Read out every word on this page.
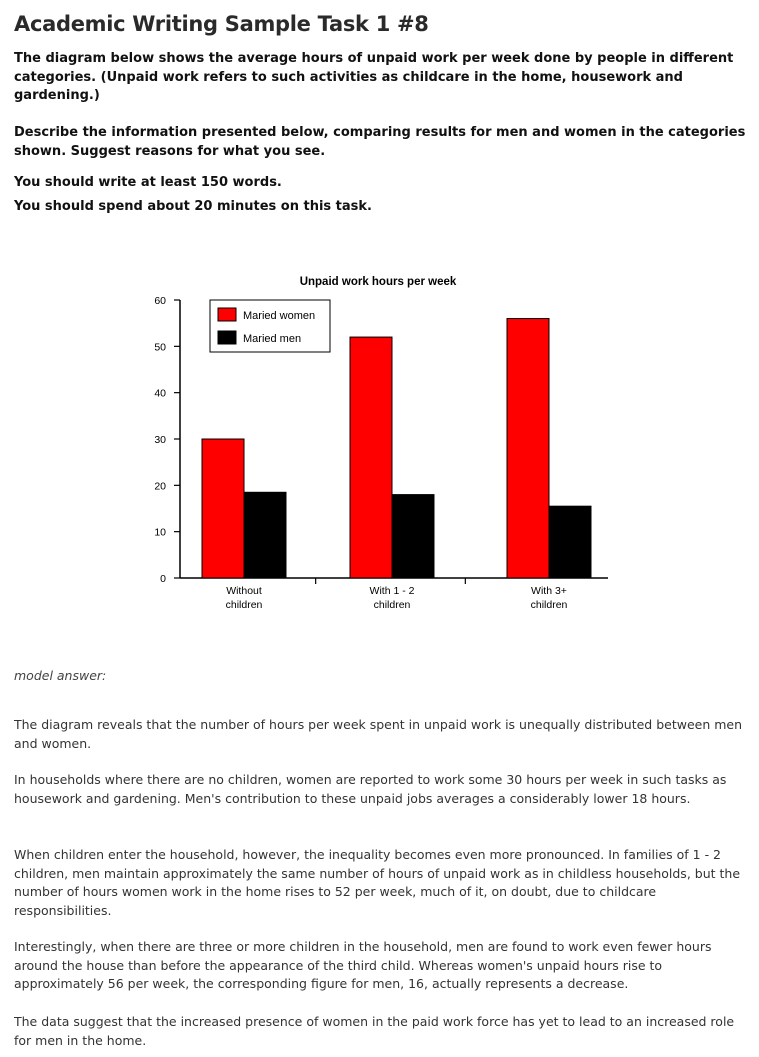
Academic Writing Sample Task 1 #8

The diagram below shows the average hours of unpaid work per week done by people in different categories. (Unpaid work refers to such activities as childcare in the home, housework and gardening.)

Describe the information presented below, comparing results for men and women in the categories shown. Suggest reasons for what you see.

You should write at least 150 words.

You should spend about 20 minutes on this task.

Unpaid work hours per week
0
10
20
30
40
50
60
Without
children
With 1 - 2
children
With 3+
children
Maried women
Maried men
model answer:

The diagram reveals that the number of hours per week spent in unpaid work is unequally distributed between men and women.

In households where there are no children, women are reported to work some 30 hours per week in such tasks as housework and gardening. Men's contribution to these unpaid jobs averages a considerably lower 18 hours.

When children enter the household, however, the inequality becomes even more pronounced. In families of 1 - 2 children, men maintain approximately the same number of hours of unpaid work as in childless households, but the number of hours women work in the home rises to 52 per week, much of it, on doubt, due to childcare responsibilities.

Interestingly, when there are three or more children in the household, men are found to work even fewer hours around the house than before the appearance of the third child. Whereas women's unpaid hours rise to approximately 56 per week, the corresponding figure for men, 16, actually represents a decrease.

The data suggest that the increased presence of women in the paid work force has yet to lead to an increased role for men in the home.
